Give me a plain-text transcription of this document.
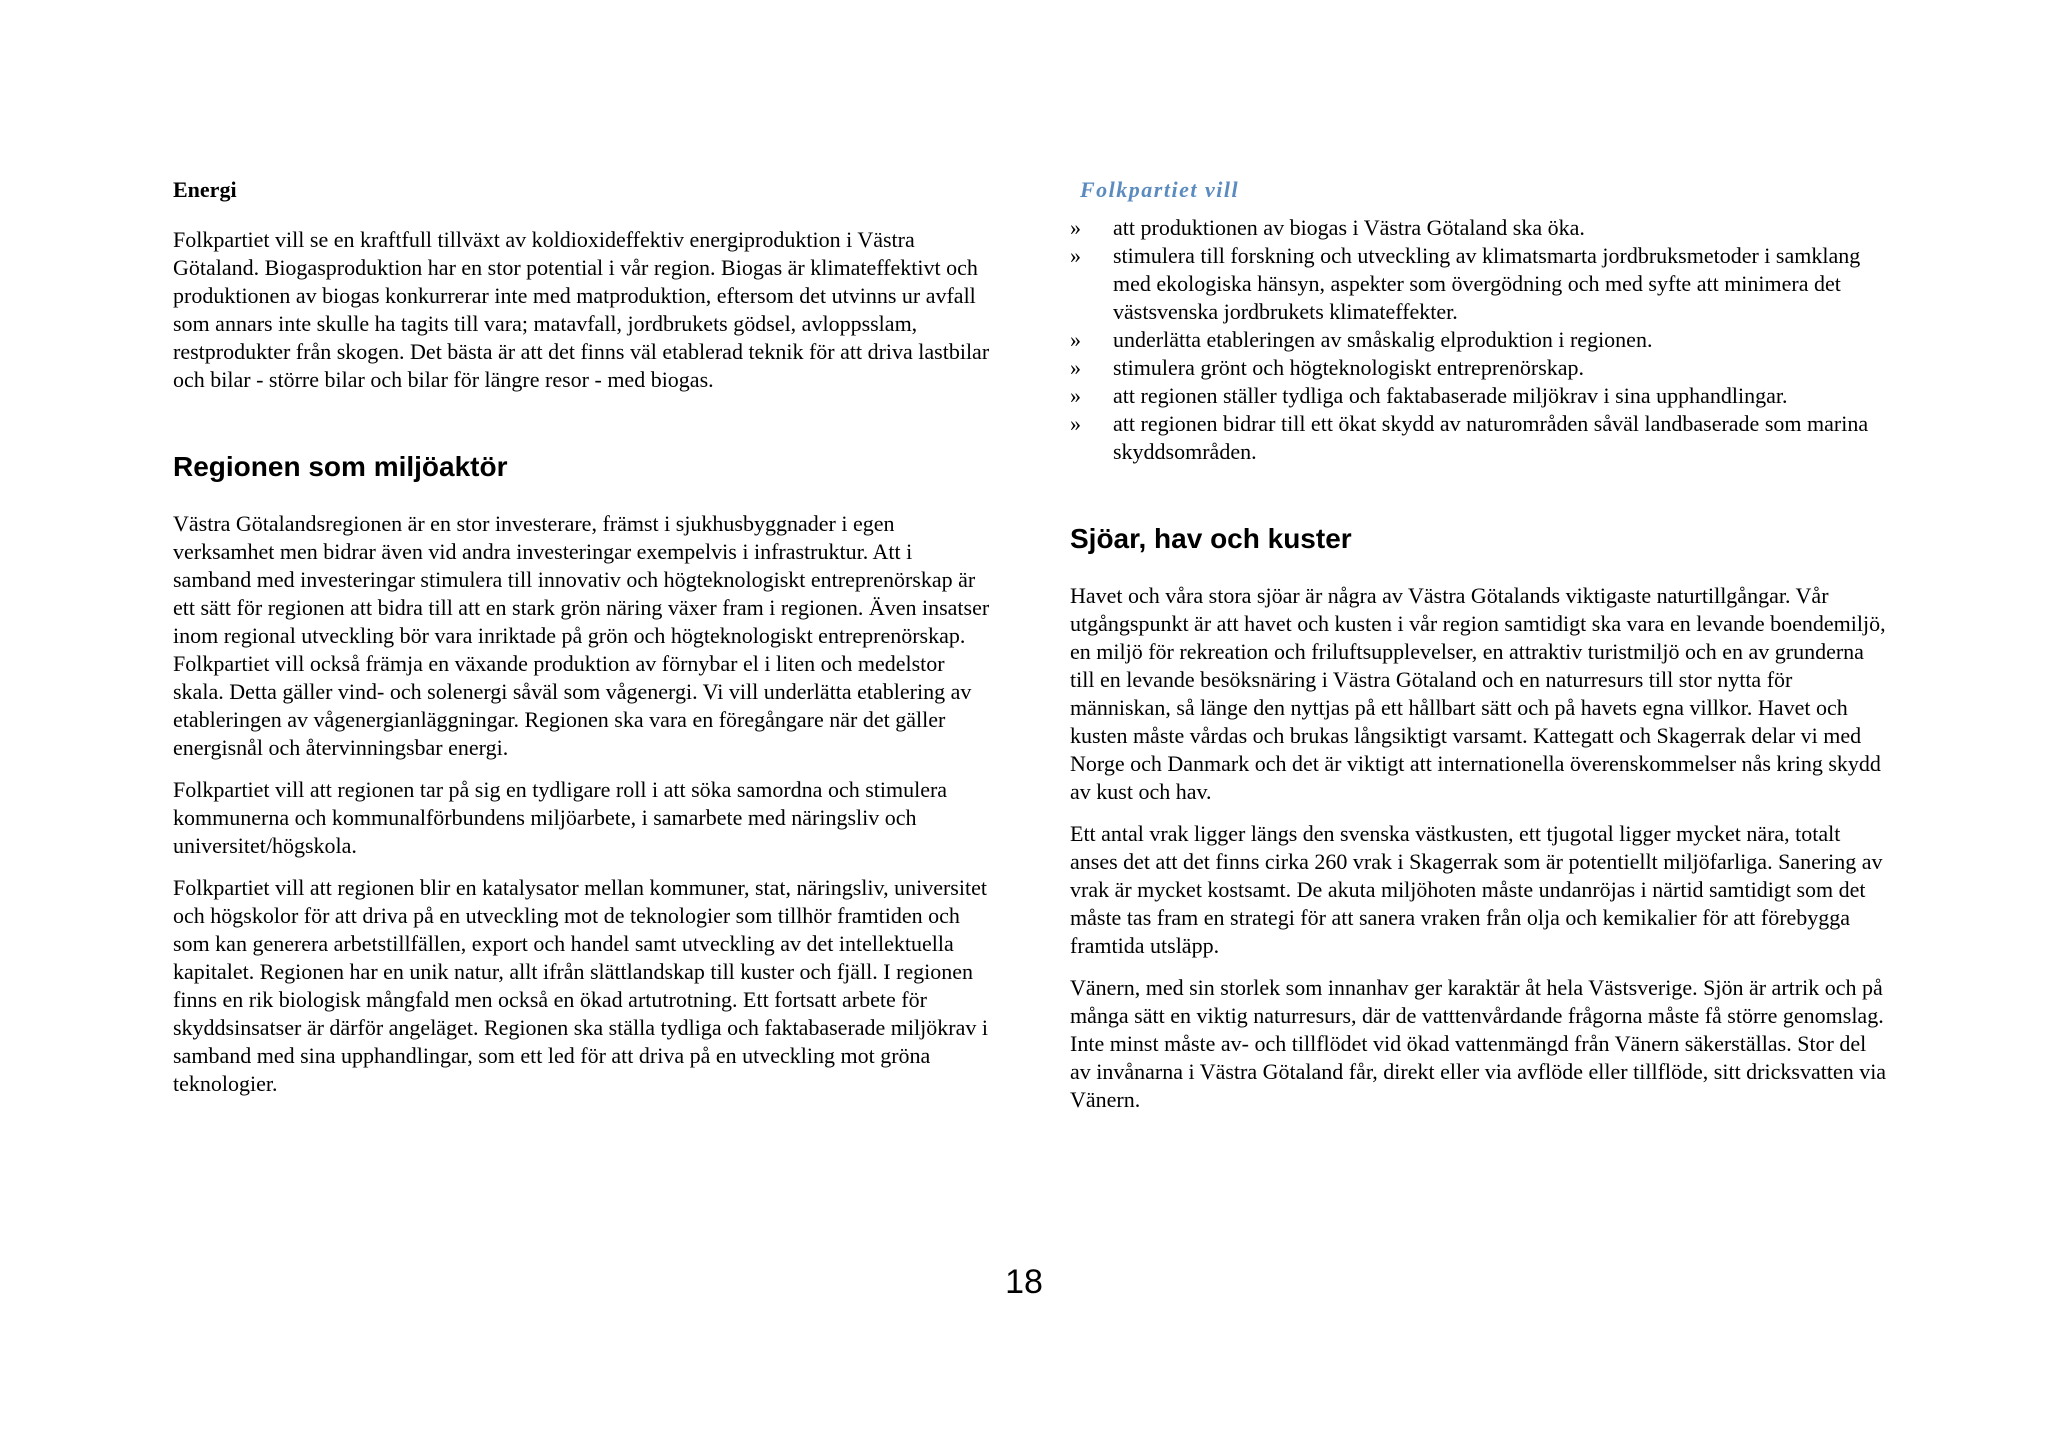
Energi

Folkpartiet vill se en kraftfull tillväxt av koldioxideffektiv energiproduktion i Västra Götaland. Biogasproduktion har en stor potential i vår region. Biogas är klimateffektivt och produktionen av biogas konkurrerar inte med matproduktion, eftersom det utvinns ur avfall som annars inte skulle ha tagits till vara; matavfall, jordbrukets gödsel, avloppsslam, restprodukter från skogen. Det bästa är att det finns väl etablerad teknik för att driva lastbilar och bilar - större bilar och bilar för längre resor - med biogas.

Regionen som miljöaktör

Västra Götalandsregionen är en stor investerare, främst i sjukhusbyggnader i egen verksamhet men bidrar även vid andra investeringar exempelvis i infrastruktur. Att i samband med investeringar stimulera till innovativ och högteknologiskt entreprenörskap är ett sätt för regionen att bidra till att en stark grön näring växer fram i regionen. Även insatser inom regional utveckling bör vara inriktade på grön och högteknologiskt entreprenörskap. Folkpartiet vill också främja en växande produktion av förnybar el i liten och medelstor skala. Detta gäller vind- och solenergi såväl som vågenergi. Vi vill underlätta etablering av etableringen av vågenergianläggningar. Regionen ska vara en föregångare när det gäller energisnål och återvinningsbar energi.

Folkpartiet vill att regionen tar på sig en tydligare roll i att söka samordna och stimulera kommunerna och kommunalförbundens miljöarbete, i samarbete med näringsliv och universitet/högskola.

Folkpartiet vill att regionen blir en katalysator mellan kommuner, stat, näringsliv, universitet och högskolor för att driva på en utveckling mot de teknologier som tillhör framtiden och som kan generera arbetstillfällen, export och handel samt utveckling av det intellektuella kapitalet. Regionen har en unik natur, allt ifrån slättlandskap till kuster och fjäll. I regionen finns en rik biologisk mångfald men också en ökad artutrotning. Ett fortsatt arbete för skyddsinsatser är därför angeläget. Regionen ska ställa tydliga och faktabaserade miljökrav i samband med sina upphandlingar, som ett led för att driva på en utveckling mot gröna teknologier.

Folkpartiet vill
» att produktionen av biogas i Västra Götaland ska öka.
» stimulera till forskning och utveckling av klimatsmarta jordbruksmetoder i samklang med ekologiska hänsyn, aspekter som övergödning och med syfte att minimera det västsvenska jordbrukets klimateffekter.
» underlätta etableringen av småskalig elproduktion i regionen.
» stimulera grönt och högteknologiskt entreprenörskap.
» att regionen ställer tydliga och faktabaserade miljökrav i sina upphandlingar.
» att regionen bidrar till ett ökat skydd av naturområden såväl landbaserade som marina skyddsområden.
Sjöar, hav och kuster

Havet och våra stora sjöar är några av Västra Götalands viktigaste naturtillgångar. Vår utgångspunkt är att havet och kusten i vår region samtidigt ska vara en levande boendemiljö, en miljö för rekreation och friluftsupplevelser, en attraktiv turistmiljö och en av grunderna till en levande besöksnäring i Västra Götaland och en naturresurs till stor nytta för människan, så länge den nyttjas på ett hållbart sätt och på havets egna villkor. Havet och kusten måste vårdas och brukas långsiktigt varsamt. Kattegatt och Skagerrak delar vi med Norge och Danmark och det är viktigt att internationella överenskommelser nås kring skydd av kust och hav.

Ett antal vrak ligger längs den svenska västkusten, ett tjugotal ligger mycket nära, totalt anses det att det finns cirka 260 vrak i Skagerrak som är potentiellt miljöfarliga. Sanering av vrak är mycket kostsamt. De akuta miljöhoten måste undanröjas i närtid samtidigt som det måste tas fram en strategi för att sanera vraken från olja och kemikalier för att förebygga framtida utsläpp.

Vänern, med sin storlek som innanhav ger karaktär åt hela Västsverige. Sjön är artrik och på många sätt en viktig naturresurs, där de vatttenvårdande frågorna måste få större genomslag. Inte minst måste av- och tillflödet vid ökad vattenmängd från Vänern säkerställas. Stor del av invånarna i Västra Götaland får, direkt eller via avflöde eller tillflöde, sitt dricksvatten via Vänern.

18
